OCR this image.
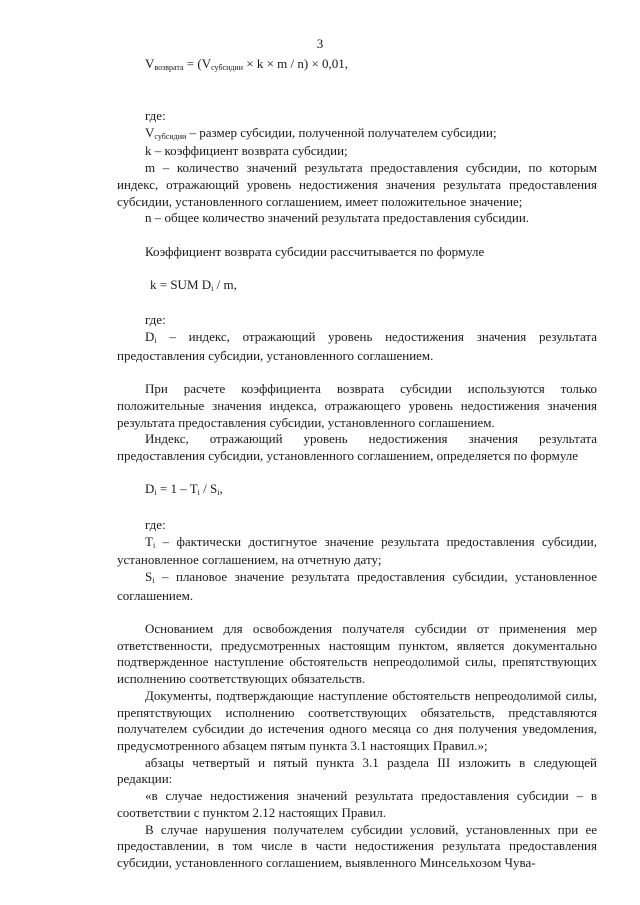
3

$V_{возврата} = (V_{субсидии} \times k \times m / n) \times 0,01$,

где:

$V_{субсидии}$ – размер субсидии, полученной получателем субсидии;

k – коэффициент возврата субсидии;

m – количество значений результата предоставления субсидии, по которым индекс, отражающий уровень недостижения значения результата предоставления субсидии, установленного соглашением, имеет положительное значение;

n – общее количество значений результата предоставления субсидии.

Коэффициент возврата субсидии рассчитывается по формуле

k = SUM $D_i$ / m,

где:

$D_i$ – индекс, отражающий уровень недостижения значения результата предоставления субсидии, установленного соглашением.

При расчете коэффициента возврата субсидии используются только положительные значения индекса, отражающего уровень недостижения значения результата предоставления субсидии, установленного соглашением.

Индекс, отражающий уровень недостижения значения результата предоставления субсидии, установленного соглашением, определяется по формуле

$D_i = 1 - T_i / S_i$,

где:

$T_i$ – фактически достигнутое значение результата предоставления субсидии, установленное соглашением, на отчетную дату;

$S_i$ – плановое значение результата предоставления субсидии, установленное соглашением.

Основанием для освобождения получателя субсидии от применения мер ответственности, предусмотренных настоящим пунктом, является документально подтвержденное наступление обстоятельств непреодолимой силы, препятствующих исполнению соответствующих обязательств.

Документы, подтверждающие наступление обстоятельств непреодолимой силы, препятствующих исполнению соответствующих обязательств, представляются получателем субсидии до истечения одного месяца со дня получения уведомления, предусмотренного абзацем пятым пункта 3.1 настоящих Правил.»;

абзацы четвертый и пятый пункта 3.1 раздела III изложить в следующей редакции:

«в случае недостижения значений результата предоставления субсидии – в соответствии с пунктом 2.12 настоящих Правил.

В случае нарушения получателем субсидии условий, установленных при ее предоставлении, в том числе в части недостижения результата предоставления субсидии, установленного соглашением, выявленного Минсельхозом Чува-
